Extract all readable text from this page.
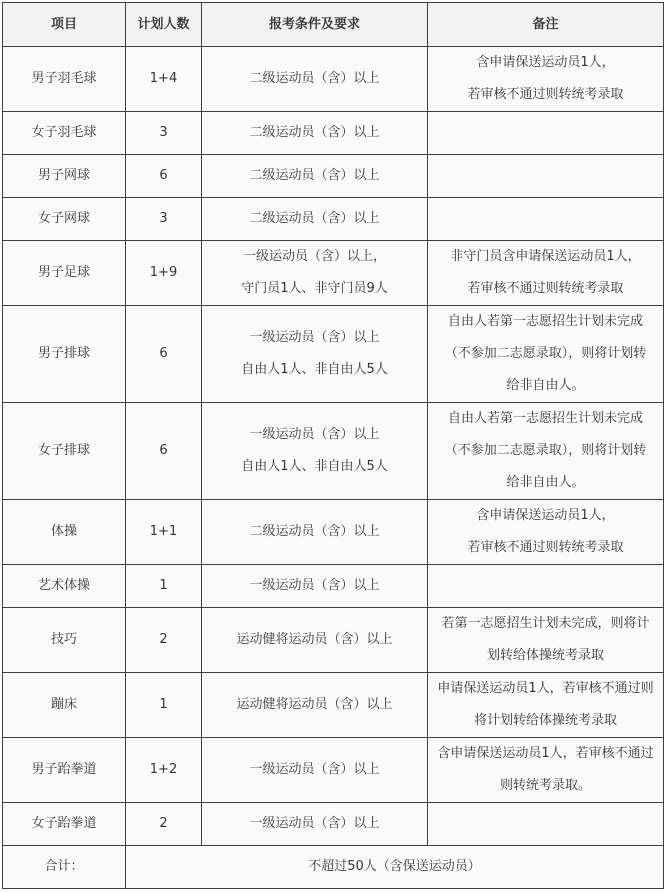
项目	计划人数	报考条件及要求	备注
男子羽毛球	1+4	二级运动员（含）以上	含申请保送运动员1人，
若审核不通过则转统考录取

女子羽毛球	3	二级运动员（含）以上	

男子网球	6	二级运动员（含）以上	

女子网球	3	二级运动员（含）以上	

男子足球	1+9	一级运动员（含）以上，
守门员1人、非守门员9人	非守门员含申请保送运动员1人，
若审核不通过则转统考录取

男子排球	6	一级运动员（含）以上
自由人1人、非自由人5人	自由人若第一志愿招生计划未完成
（不参加二志愿录取），则将计划转
给非自由人。

女子排球	6	一级运动员（含）以上
自由人1人、非自由人5人	自由人若第一志愿招生计划未完成
（不参加二志愿录取），则将计划转
给非自由人。

体操	1+1	二级运动员（含）以上	含申请保送运动员1人，
若审核不通过则转统考录取

艺术体操	1	一级运动员（含）以上	

技巧	2	运动健将运动员（含）以上	若第一志愿招生计划未完成，则将计
划转给体操统考录取

蹦床	1	运动健将运动员（含）以上	申请保送运动员1人，若审核不通过则
将计划转给体操统考录取

男子跆拳道	1+2	一级运动员（含）以上	含申请保送运动员1人，若审核不通过
则转统考录取。

女子跆拳道	2	一级运动员（含）以上	

合计：	不超过50人（含保送运动员）		
